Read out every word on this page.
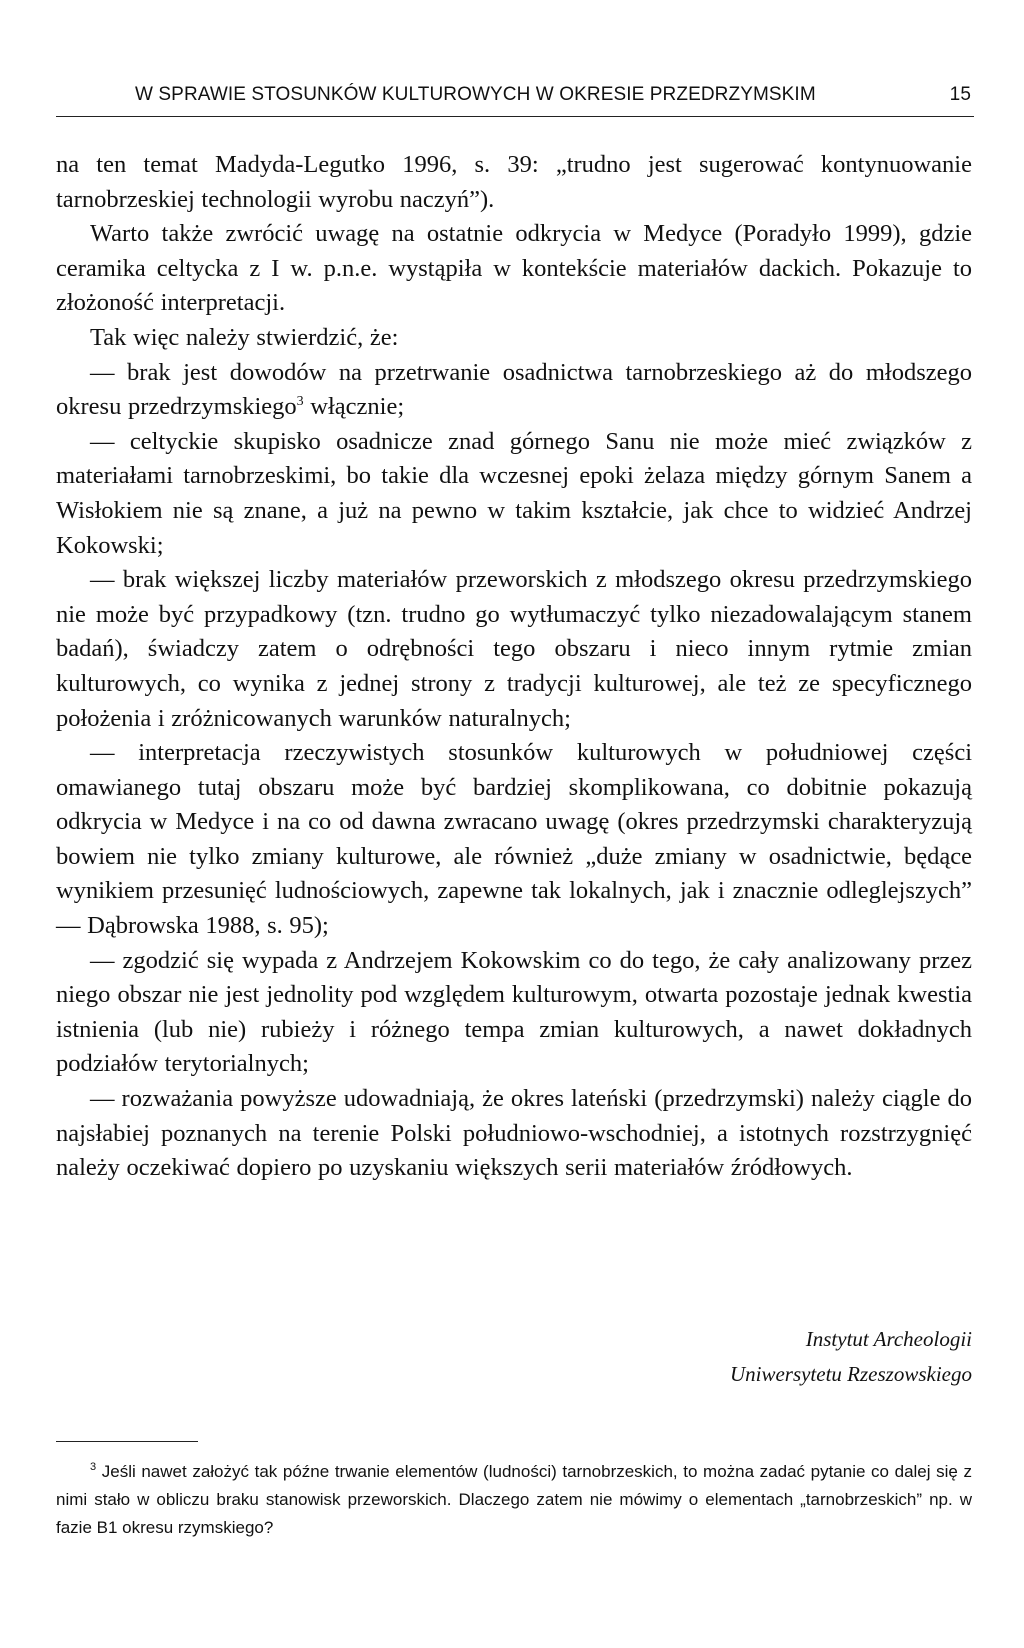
W SPRAWIE STOSUNKÓW KULTUROWYCH W OKRESIE PRZEDRZYMSKIM	15

na ten temat Madyda-Legutko 1996, s. 39: „trudno jest sugerować kontynuowanie tarnobrzeskiej technologii wyrobu naczyń”).

Warto także zwrócić uwagę na ostatnie odkrycia w Medyce (Poradyło 1999), gdzie ceramika celtycka z I w. p.n.e. wystąpiła w kontekście materiałów dackich. Pokazuje to złożoność interpretacji.

Tak więc należy stwierdzić, że:

— brak jest dowodów na przetrwanie osadnictwa tarnobrzeskiego aż do młodszego okresu przedrzymskiego$^3$ włącznie;

— celtyckie skupisko osadnicze znad górnego Sanu nie może mieć związków z materiałami tarnobrzeskimi, bo takie dla wczesnej epoki żelaza między górnym Sanem a Wisłokiem nie są znane, a już na pewno w takim kształcie, jak chce to widzieć Andrzej Kokowski;

— brak większej liczby materiałów przeworskich z młodszego okresu przedrzymskiego nie może być przypadkowy (tzn. trudno go wytłumaczyć tylko niezadowalającym stanem badań), świadczy zatem o odrębności tego obszaru i nieco innym rytmie zmian kulturowych, co wynika z jednej strony z tradycji kulturowej, ale też ze specyficznego położenia i zróżnicowanych warunków naturalnych;

— interpretacja rzeczywistych stosunków kulturowych w południowej części omawianego tutaj obszaru może być bardziej skomplikowana, co dobitnie pokazują odkrycia w Medyce i na co od dawna zwracano uwagę (okres przedrzymski charakteryzują bowiem nie tylko zmiany kulturowe, ale również „duże zmiany w osadnictwie, będące wynikiem przesunięć ludnościowych, zapewne tak lokalnych, jak i znacznie odleglejszych” — Dąbrowska 1988, s. 95);

— zgodzić się wypada z Andrzejem Kokowskim co do tego, że cały analizowany przez niego obszar nie jest jednolity pod względem kulturowym, otwarta pozostaje jednak kwestia istnienia (lub nie) rubieży i różnego tempa zmian kulturowych, a nawet dokładnych podziałów terytorialnych;

— rozważania powyższe udowadniają, że okres lateński (przedrzymski) należy ciągle do najsłabiej poznanych na terenie Polski południowo-wschodniej, a istotnych rozstrzygnięć należy oczekiwać dopiero po uzyskaniu większych serii materiałów źródłowych.

Instytut Archeologii
Uniwersytetu Rzeszowskiego

$^3$ Jeśli nawet założyć tak późne trwanie elementów (ludności) tarnobrzeskich, to można zadać pytanie co dalej się z nimi stało w obliczu braku stanowisk przeworskich. Dlaczego zatem nie mówimy o elementach „tarnobrzeskich” np. w fazie B1 okresu rzymskiego?
